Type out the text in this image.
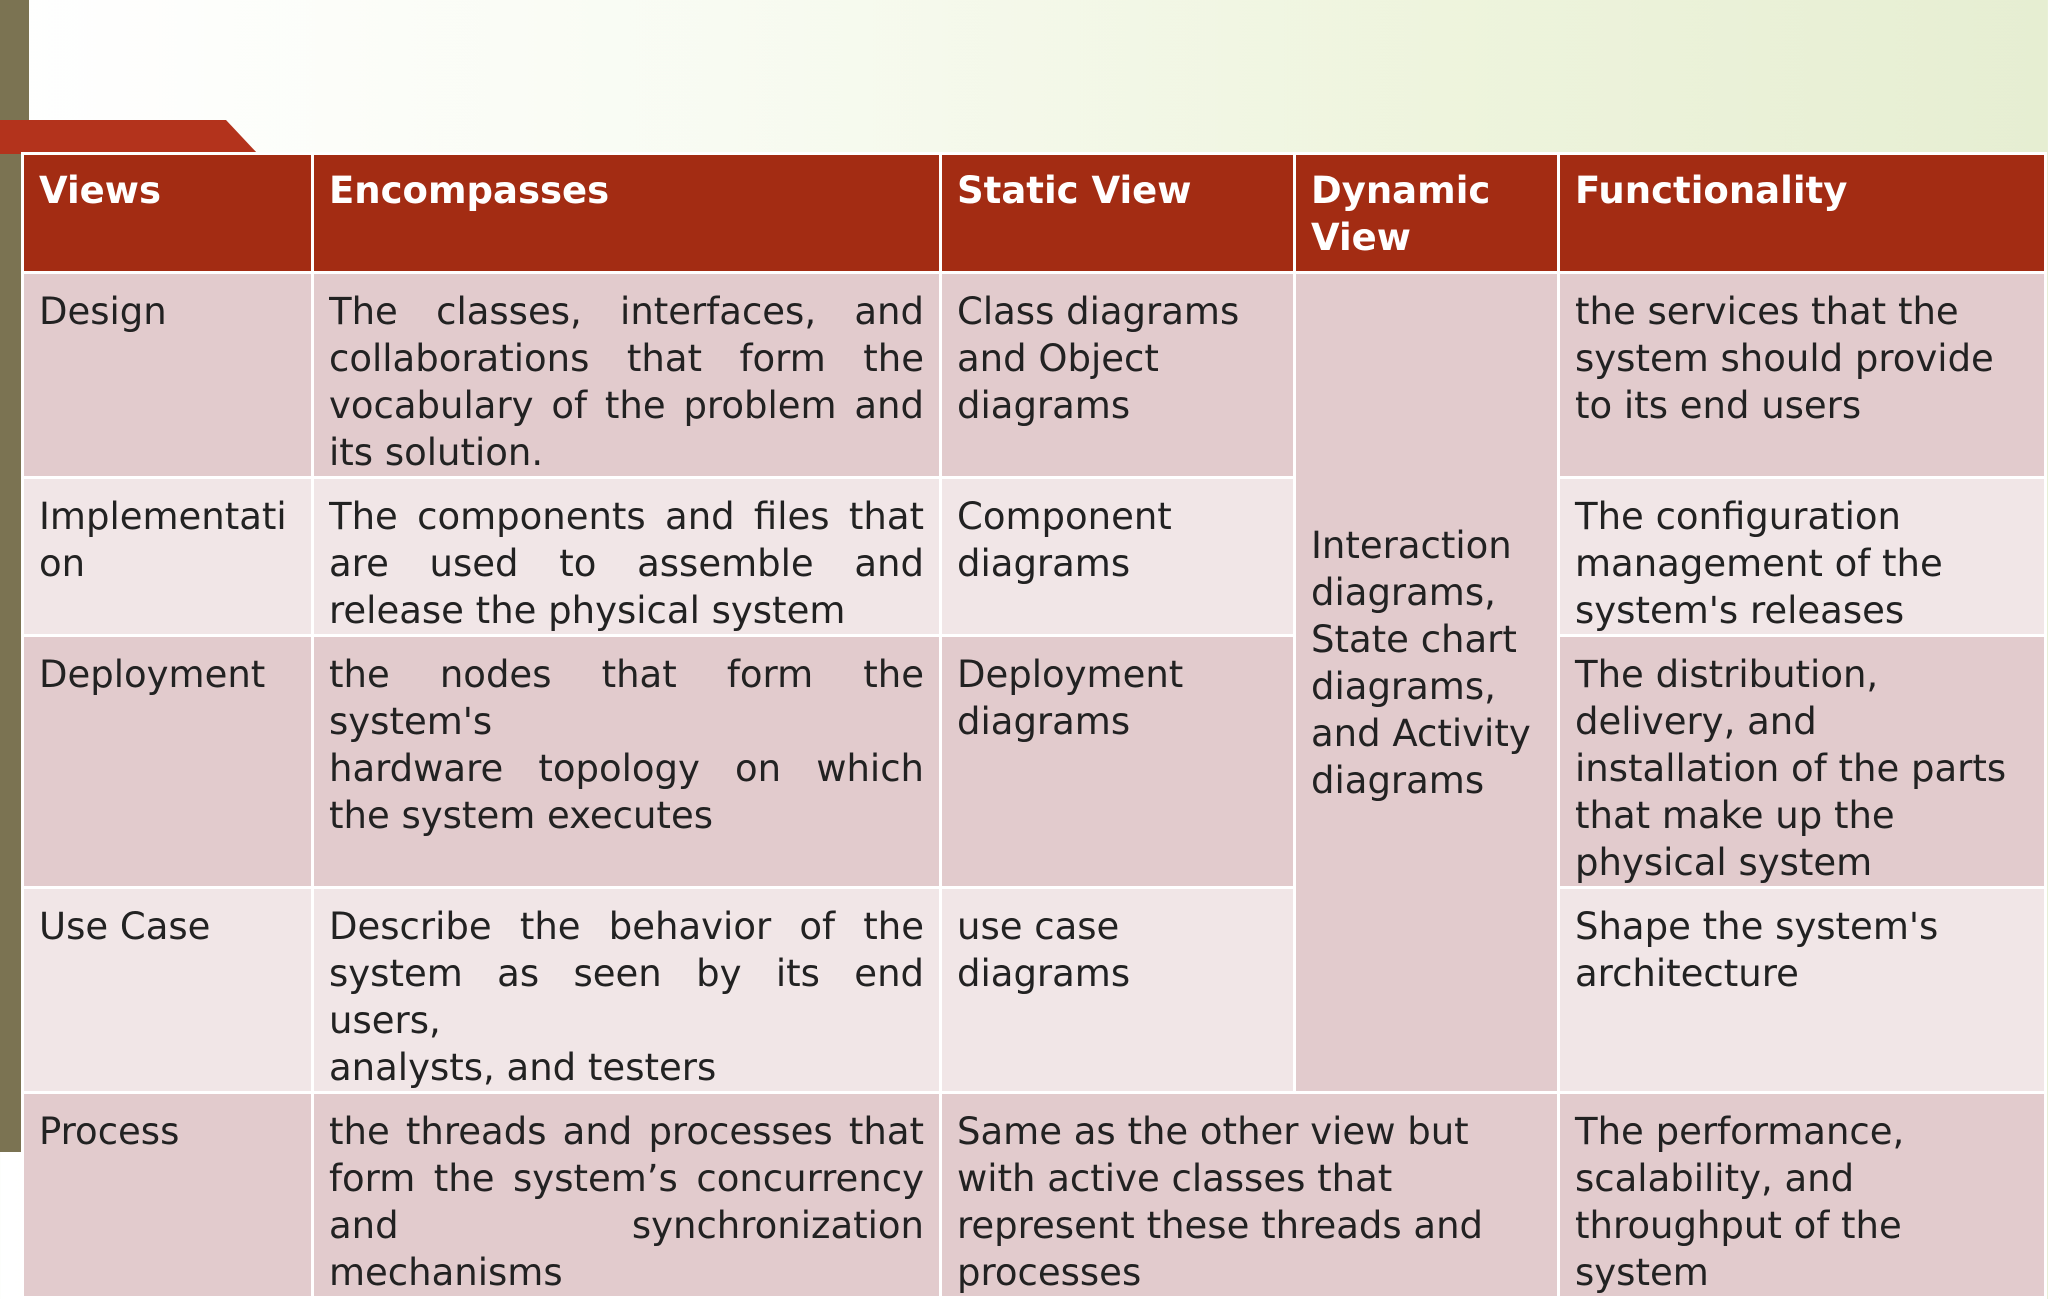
Views	Encompasses	Static View	Dynamic View	Functionality
Design	The classes, interfaces, and
collaborations that form the
vocabulary of the problem and
its solution.	Class diagrams and Object diagrams	Interaction diagrams, State chart diagrams, and Activity diagrams	the services that the system should provide to its end users
Implementation	The components and files that
are used to assemble and
release the physical system	Component diagrams		The configuration management of the system's releases
Deployment	the nodes that form the system's
hardware topology on which
the system executes	Deployment diagrams		The distribution, delivery, and installation of the parts that make up the physical system
Use Case	Describe the behavior of the
system as seen by its end users,
analysts, and testers	use case diagrams		Shape the system's architecture
Process	the threads and processes that
form the system’s concurrency
and synchronization
mechanisms	Same as the other view but with active classes that represent these threads and processes		The performance, scalability, and throughput of the system
